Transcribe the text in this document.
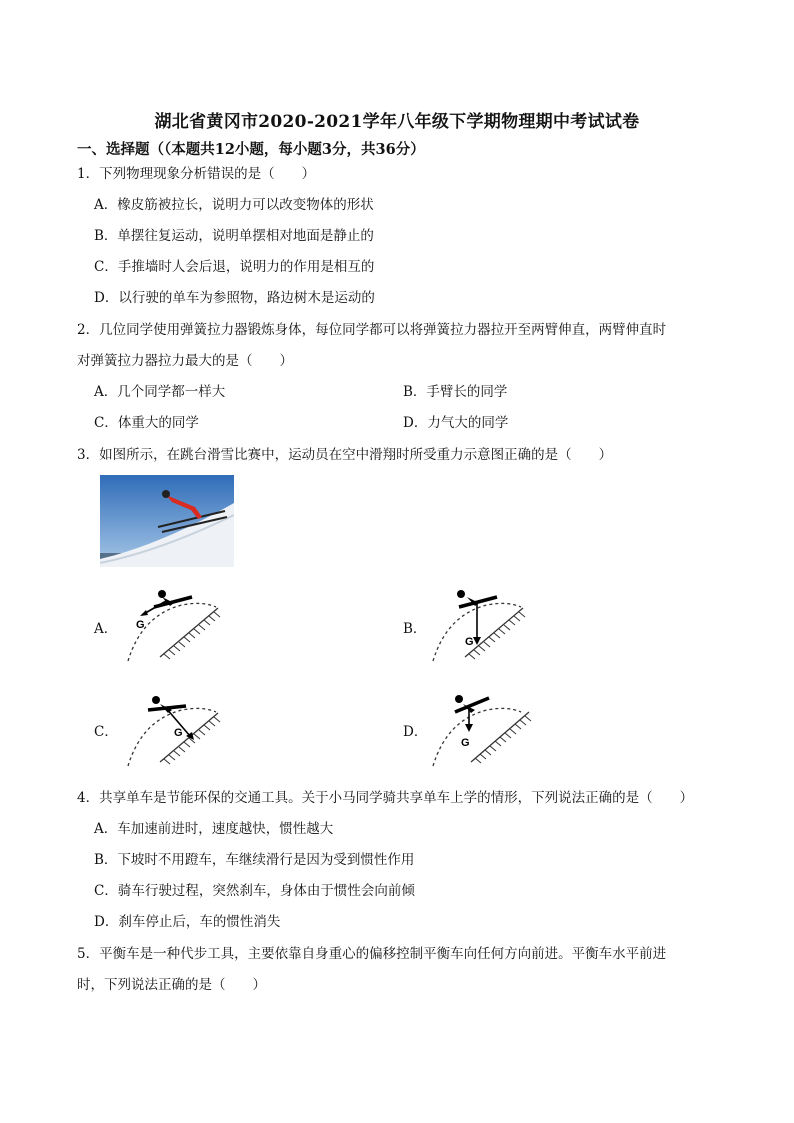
湖北省黄冈市2020-2021学年八年级下学期物理期中考试试卷
一、选择题（（本题共12小题，每小题3分，共36分）
1．下列物理现象分析错误的是（　　）
A．橡皮筋被拉长，说明力可以改变物体的形状
B．单摆往复运动，说明单摆相对地面是静止的
C．手推墙时人会后退，说明力的作用是相互的
D．以行驶的单车为参照物，路边树木是运动的
2．几位同学使用弹簧拉力器锻炼身体，每位同学都可以将弹簧拉力器拉开至两臂伸直，两臂伸直时
对弹簧拉力器拉力最大的是（　　）
A．几个同学都一样大	B．手臂长的同学
C．体重大的同学	D．力气大的同学
3．如图所示，在跳台滑雪比赛中，运动员在空中滑翔时所受重力示意图正确的是（　　）
A． G	B．
G
C．	G	D．
G
4．共享单车是节能环保的交通工具。关于小马同学骑共享单车上学的情形，下列说法正确的是（　　）
A．车加速前进时，速度越快，惯性越大
B．下坡时不用蹬车，车继续滑行是因为受到惯性作用
C．骑车行驶过程，突然刹车，身体由于惯性会向前倾
D．刹车停止后，车的惯性消失
5．平衡车是一种代步工具，主要依靠自身重心的偏移控制平衡车向任何方向前进。平衡车水平前进
时，下列说法正确的是（　　）
